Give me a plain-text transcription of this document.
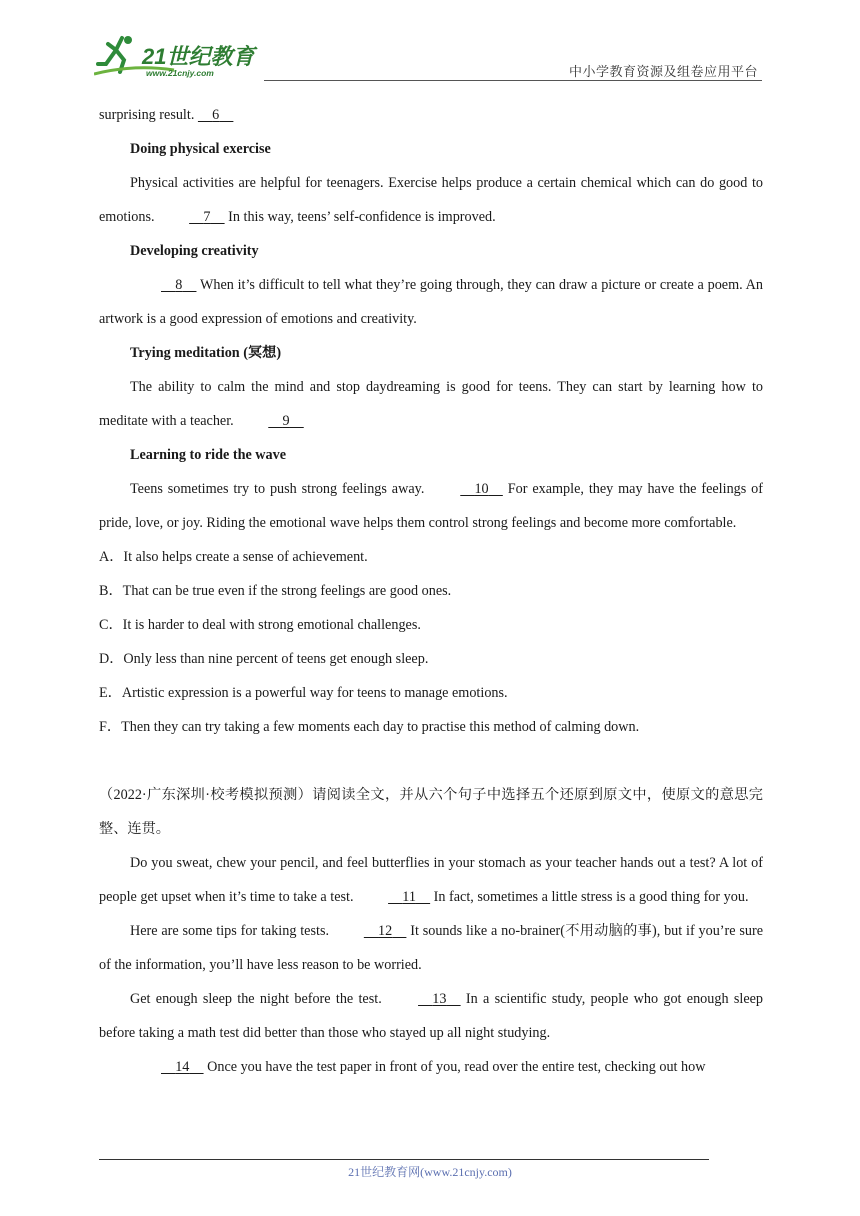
21世纪教育
www.21cnjy.com	中小学教育资源及组卷应用平台

surprising result.     6

Doing physical exercise

Physical activities are helpful for teenagers. Exercise helps produce a certain chemical which can do good to emotions.	7     In this way, teens’ self-confidence is improved.

Developing creativity

8     When it’s difficult to tell what they’re going through, they can draw a picture or create a poem. An artwork is a good expression of emotions and creativity.

Trying meditation (冥想)

The ability to calm the mind and stop daydreaming is good for teens. They can start by learning how to meditate with a teacher.	9

Learning to ride the wave

Teens sometimes try to push strong feelings away.	10     For example, they may have the feelings of pride, love, or joy. Riding the emotional wave helps them control strong feelings and become more comfortable.

A．It also helps create a sense of achievement.

B．That can be true even if the strong feelings are good ones.

C．It is harder to deal with strong emotional challenges.

D．Only less than nine percent of teens get enough sleep.

E．Artistic expression is a powerful way for teens to manage emotions.

F．Then they can try taking a few moments each day to practise this method of calming down.

（2022·广东深圳·校考模拟预测）请阅读全文，并从六个句子中选择五个还原到原文中，使原文的意思完整、连贯。

Do you sweat, chew your pencil, and feel butterflies in your stomach as your teacher hands out a test? A lot of people get upset when it’s time to take a test.	11     In fact, sometimes a little stress is a good thing for you.

Here are some tips for taking tests.	12     It sounds like a no-brainer(不用动脑的事), but if you’re sure of the information, you’ll have less reason to be worried.

Get enough sleep the night before the test.	13     In a scientific study, people who got enough sleep before taking a math test did better than those who stayed up all night studying.

14     Once you have the test paper in front of you, read over the entire test, checking out how

21世纪教育网(www.21cnjy.com)
